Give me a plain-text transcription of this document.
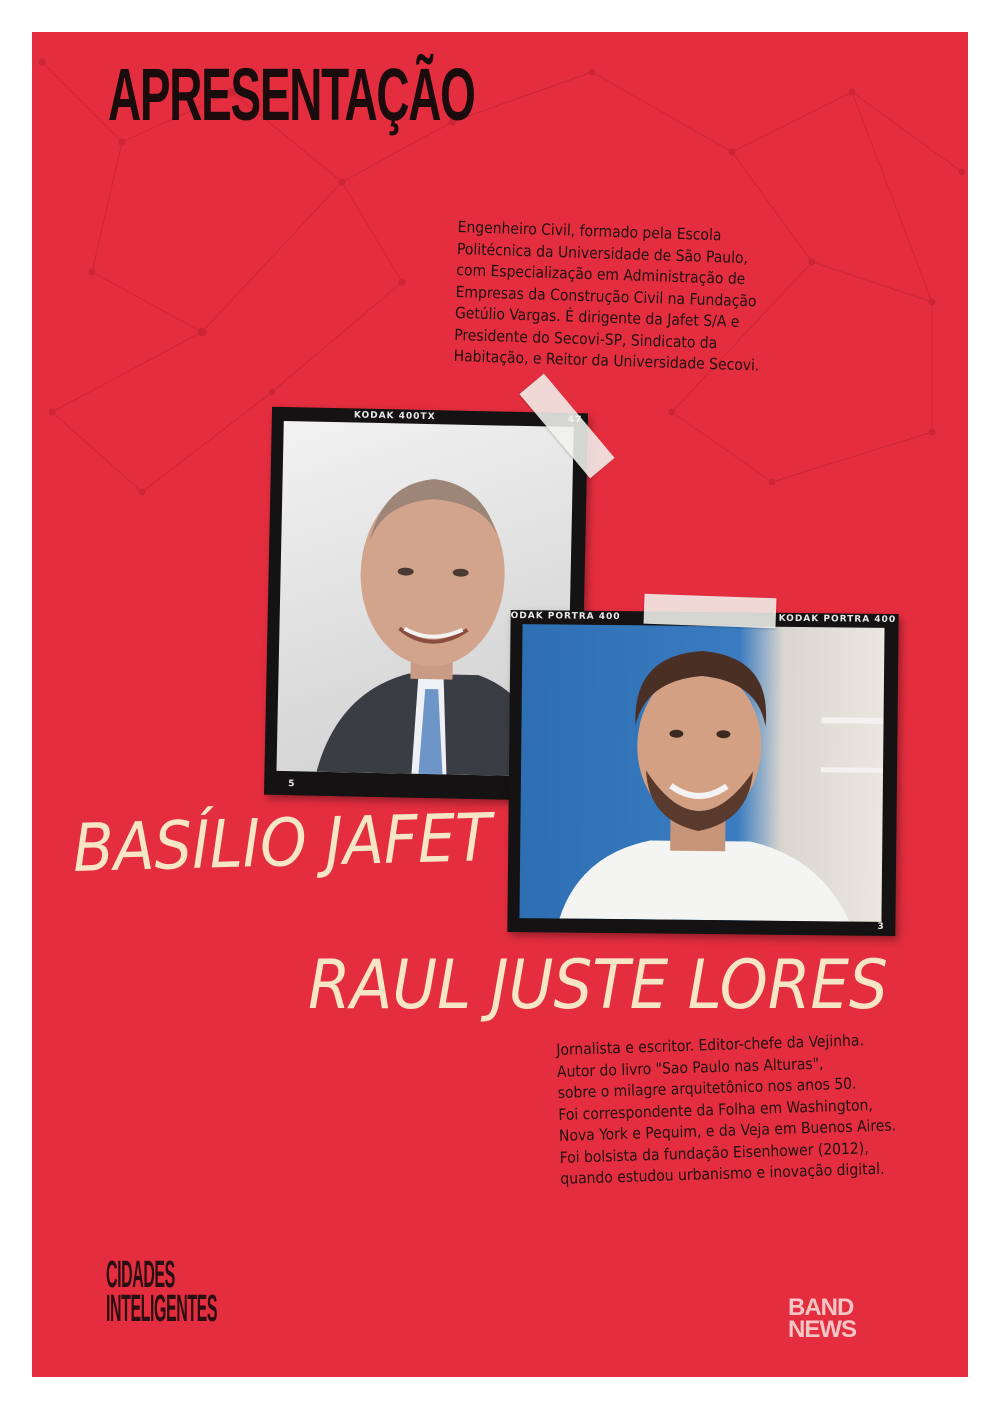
APRESENTAÇÃO
Engenheiro Civil, formado pela Escola
Politécnica da Universidade de São Paulo,
com Especialização em Administração de
Empresas da Construção Civil na Fundação
Getúlio Vargas. É dirigente da Jafet S/A e
Presidente do Secovi-SP, Sindicato da
Habitação, e Reitor da Universidade Secovi.
KODAK 400TX
5
ODAK PORTRA 400	KODAK PORTRA 400
3
BASÍLIO JAFET
RAUL JUSTE LORES
Jornalista e escritor. Editor-chefe da Vejinha.
Autor do livro "Sao Paulo nas Alturas",
sobre o milagre arquitetônico nos anos 50.
Foi correspondente da Folha em Washington,
Nova York e Pequim, e da Veja em Buenos Aires.
Foi bolsista da fundação Eisenhower (2012),
quando estudou urbanismo e inovação digital.
CIDADES
INTELIGENTES	BAND
NEWS
